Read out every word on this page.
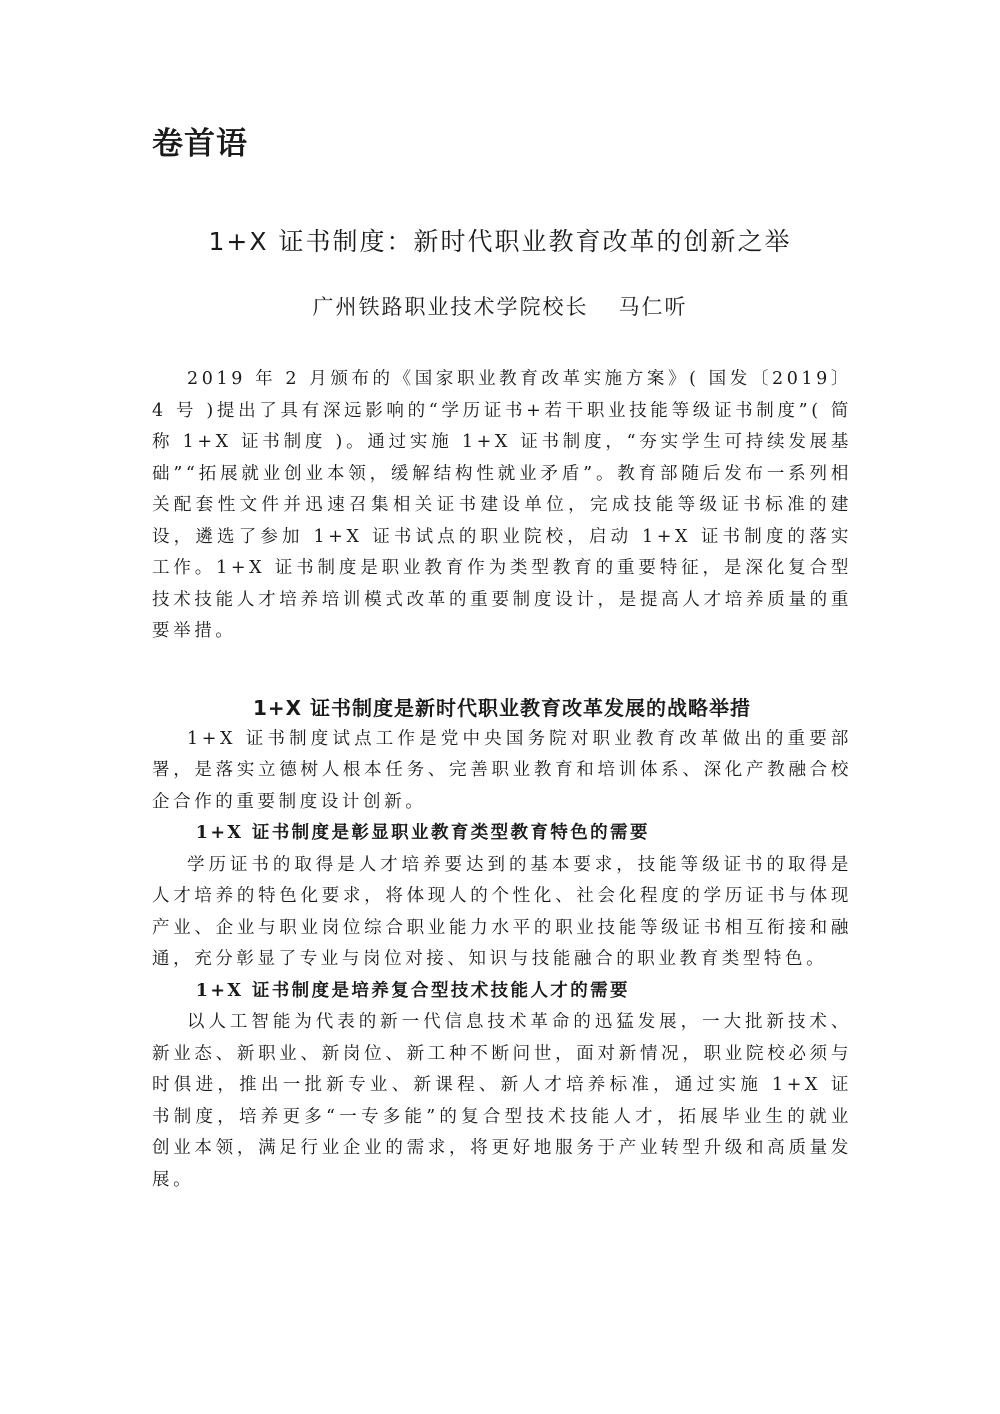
卷首语
1+X 证书制度：新时代职业教育改革的创新之举

广州铁路职业技术学院校长 马仁听

2019 年 2 月颁布的《国家职业教育改革实施方案》( 国发〔2019〕4 号 )提出了具有深远影响的“学历证书+若干职业技能等级证书制度”( 简称 1+X 证书制度 )。通过实施 1+X 证书制度，“夯实学生可持续发展基础”“拓展就业创业本领，缓解结构性就业矛盾”。教育部随后发布一系列相关配套性文件并迅速召集相关证书建设单位，完成技能等级证书标准的建设，遴选了参加 1+X 证书试点的职业院校，启动 1+X 证书制度的落实工作。1+X 证书制度是职业教育作为类型教育的重要特征，是深化复合型技术技能人才培养培训模式改革的重要制度设计，是提高人才培养质量的重要举措。

1+X 证书制度是新时代职业教育改革发展的战略举措

1+X 证书制度试点工作是党中央国务院对职业教育改革做出的重要部署，是落实立德树人根本任务、完善职业教育和培训体系、深化产教融合校企合作的重要制度设计创新。

1+X 证书制度是彰显职业教育类型教育特色的需要

学历证书的取得是人才培养要达到的基本要求，技能等级证书的取得是人才培养的特色化要求，将体现人的个性化、社会化程度的学历证书与体现产业、企业与职业岗位综合职业能力水平的职业技能等级证书相互衔接和融通，充分彰显了专业与岗位对接、知识与技能融合的职业教育类型特色。

1+X 证书制度是培养复合型技术技能人才的需要

以人工智能为代表的新一代信息技术革命的迅猛发展，一大批新技术、新业态、新职业、新岗位、新工种不断问世，面对新情况，职业院校必须与时俱进，推出一批新专业、新课程、新人才培养标准，通过实施 1+X 证书制度，培养更多“一专多能”的复合型技术技能人才，拓展毕业生的就业创业本领，满足行业企业的需求，将更好地服务于产业转型升级和高质量发展。
